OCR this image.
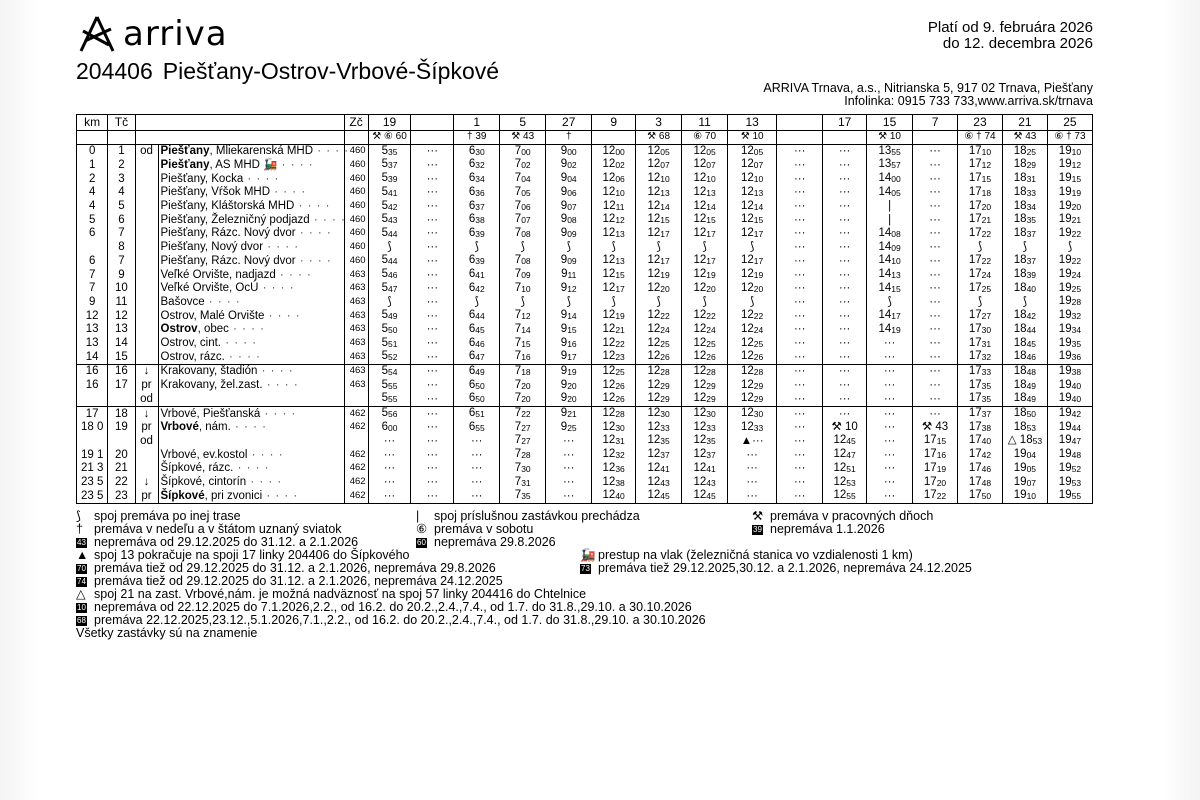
arriva
204406 Piešťany-Ostrov-Vrbové-Šípkové
Platí od 9. februára 2026
do 12. decembra 2026
ARRIVA Trnava, a.s., Nitrianska 5, 917 02 Trnava, Piešťany
Infolinka: 0915 733 733,www.arriva.sk/trnava
km	Tč			Zč	19		1	5	27	9	3	11	13		17	15	7	23	21	25
					⚒ ⑥ 60		† 39	⚒ 43	†		⚒ 68	⑥ 70	⚒ 10			⚒ 10		⑥ † 74	⚒ 43	⑥ † 73
0	1	od	Piešťany, Mliekarenská MHD · · · ·	460	535	···	630	700	900	1200	1205	1205	1205	···	···	1355	···	1710	1825	1910
1	2		Piešťany, AS MHD 🚂 · · · ·	460	537	···	632	702	902	1202	1207	1207	1207	···	···	1357	···	1712	1829	1912
2	3		Piešťany, Kocka · · · ·	460	539	···	634	704	904	1206	1210	1210	1210	···	···	1400	···	1715	1831	1915
4	4		Piešťany, Vŕšok MHD · · · ·	460	541	···	636	705	906	1210	1213	1213	1213	···	···	1405	···	1718	1833	1919
4	5		Piešťany, Kláštorská MHD · · · ·	460	542	···	637	706	907	1211	1214	1214	1214	···	···	|	···	1720	1834	1920
5	6		Piešťany, Železničný podjazd · · · ·	460	543	···	638	707	908	1212	1215	1215	1215	···	···	|	···	1721	1835	1921
6	7		Piešťany, Rázc. Nový dvor · · · ·	460	544	···	639	708	909	1213	1217	1217	1217	···	···	1408	···	1722	1837	1922
	8		Piešťany, Nový dvor · · · ·	460	⟆	···	⟆	⟆	⟆	⟆	⟆	⟆	⟆	···	···	1409	···	⟆	⟆	⟆
6	7		Piešťany, Rázc. Nový dvor · · · ·	460	544	···	639	708	909	1213	1217	1217	1217	···	···	1410	···	1722	1837	1922
7	9		Veľké Orvište, nadjazd · · · ·	463	546	···	641	709	911	1215	1219	1219	1219	···	···	1413	···	1724	1839	1924
7	10		Veľké Orvište, OcÚ · · · ·	463	547	···	642	710	912	1217	1220	1220	1220	···	···	1415	···	1725	1840	1925
9	11		Bašovce · · · ·	463	⟆	···	⟆	⟆	⟆	⟆	⟆	⟆	⟆	···	···	⟆	···	⟆	⟆	1928
12	12		Ostrov, Malé Orvište · · · ·	463	549	···	644	712	914	1219	1222	1222	1222	···	···	1417	···	1727	1842	1932
13	13		Ostrov, obec · · · ·	463	550	···	645	714	915	1221	1224	1224	1224	···	···	1419	···	1730	1844	1934
13	14		Ostrov, cint. · · · ·	463	551	···	646	715	916	1222	1225	1225	1225	···	···	···	···	1731	1845	1935
14	15		Ostrov, rázc. · · · ·	463	552	···	647	716	917	1223	1226	1226	1226	···	···	···	···	1732	1846	1936
16	16	↓	Krakovany, štadión · · · ·	463	554	···	649	718	919	1225	1228	1228	1228	···	···	···	···	1733	1848	1938
16	17	pr	Krakovany, žel.zast. · · · ·	463	555	···	650	720	920	1226	1229	1229	1229	···	···	···	···	1735	1849	1940
		od			555	···	650	720	920	1226	1229	1229	1229	···	···	···	···	1735	1849	1940
17	18	↓	Vrbové, Piešťanská · · · ·	462	556	···	651	722	921	1228	1230	1230	1230	···	···	···	···	1737	1850	1942
18 0	19	pr	Vrbové, nám. · · · ·	462	600	···	655	727	925	1230	1233	1233	1233	···	⚒ 10	···	⚒ 43	1738	1853	1944
		od			···	···	···	727	···	1231	1235	1235	▲···	···	1245	···	1715	1740	△ 1853	1947
19 1	20		Vrbové, ev.kostol · · · ·	462	···	···	···	728	···	1232	1237	1237	···	···	1247	···	1716	1742	1904	1948
21 3	21		Šípkové, rázc. · · · ·	462	···	···	···	730	···	1236	1241	1241	···	···	1251	···	1719	1746	1905	1952
23 5	22	↓	Šípkové, cintorín · · · ·	462	···	···	···	731	···	1238	1243	1243	···	···	1253	···	1720	1748	1907	1953
23 5	23	pr	Šípkové, pri zvonici · · · ·	462	···	···	···	735	···	1240	1245	1245	···	···	1255	···	1722	1750	1910	1955
⟆ spoj premáva po inej trase
† premáva v nedeľu a v štátom uznaný sviatok
43 nepremáva od 29.12.2025 do 31.12. a 2.1.2026
▲ spoj 13 pokračuje na spoji 17 linky 204406 do Šípkového
70 premáva tiež od 29.12.2025 do 31.12. a 2.1.2026, nepremáva 29.8.2026
74 premáva tiež od 29.12.2025 do 31.12. a 2.1.2026, nepremáva 24.12.2025
△ spoj 21 na zast. Vrbové,nám. je možná nadväznosť na spoj 57 linky 204416 do Chtelnice
10 nepremáva od 22.12.2025 do 7.1.2026,2.2., od 16.2. do 20.2.,2.4.,7.4., od 1.7. do 31.8.,29.10. a 30.10.2026
68 premáva 22.12.2025,23.12.,5.1.2026,7.1.,2.2., od 16.2. do 20.2.,2.4.,7.4., od 1.7. do 31.8.,29.10. a 30.10.2026
Všetky zastávky sú na znamenie
| spoj príslušnou zastávkou prechádza
⑥ premáva v sobotu
60 nepremáva 29.8.2026
🚂 prestup na vlak (železničná stanica vo vzdialenosti 1 km)
73 premáva tiež 29.12.2025,30.12. a 2.1.2026, nepremáva 24.12.2025
⚒ premáva v pracovných dňoch
39 nepremáva 1.1.2026
